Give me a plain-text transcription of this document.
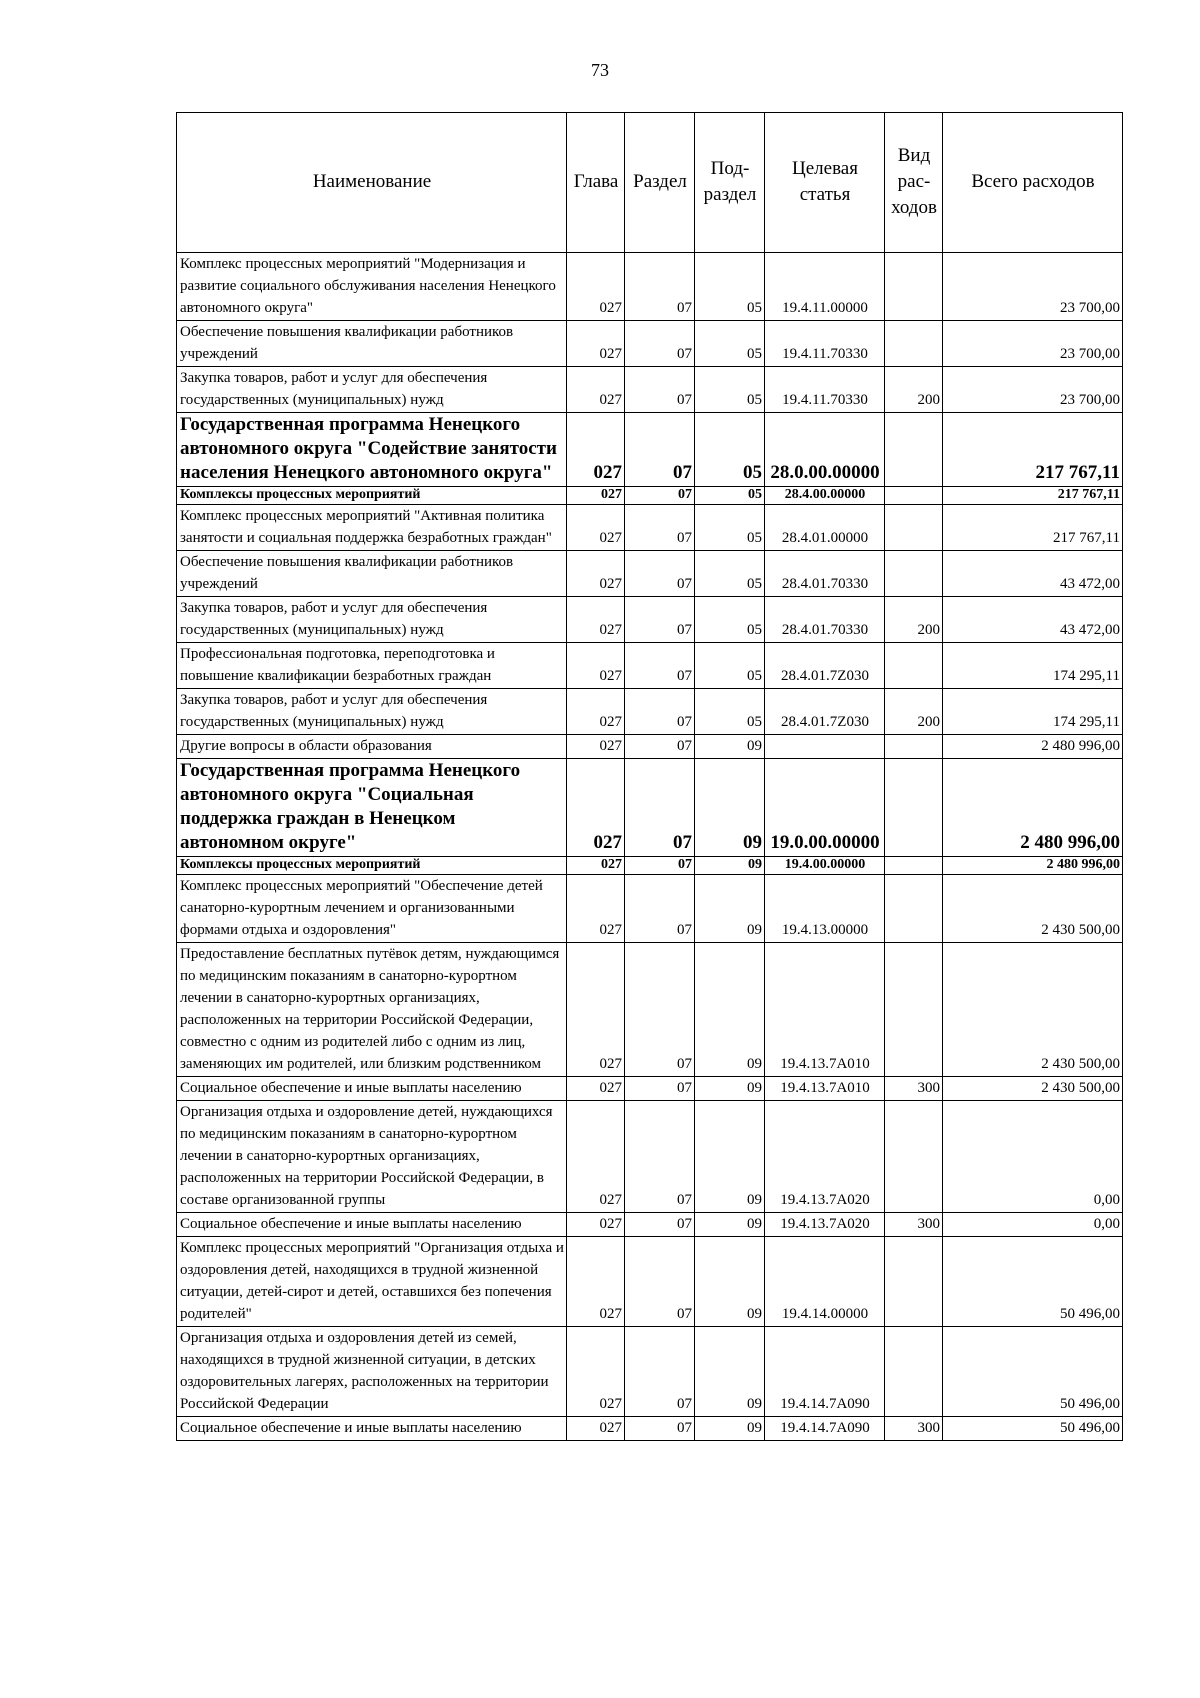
73
Наименование	Глава	Раздел	Под-раздел	Целевая статья	Вид рас-ходов	Всего расходов
Комплекс процессных мероприятий "Модернизация и развитие социального обслуживания населения Ненецкого автономного округа"	027	07	05	19.4.11.00000		23 700,00
Обеспечение повышения квалификации работников учреждений	027	07	05	19.4.11.70330		23 700,00
Закупка товаров, работ и услуг для обеспечения государственных (муниципальных) нужд	027	07	05	19.4.11.70330	200	23 700,00
Государственная программа Ненецкого автономного округа "Содействие занятости населения Ненецкого автономного округа"	027	07	05	28.0.00.00000		217 767,11
Комплексы процессных мероприятий	027	07	05	28.4.00.00000		217 767,11
Комплекс процессных мероприятий "Активная политика занятости и социальная поддержка безработных граждан"	027	07	05	28.4.01.00000		217 767,11
Обеспечение повышения квалификации работников учреждений	027	07	05	28.4.01.70330		43 472,00
Закупка товаров, работ и услуг для обеспечения государственных (муниципальных) нужд	027	07	05	28.4.01.70330	200	43 472,00
Профессиональная подготовка, переподготовка и повышение квалификации безработных граждан	027	07	05	28.4.01.7Z030		174 295,11
Закупка товаров, работ и услуг для обеспечения государственных (муниципальных) нужд	027	07	05	28.4.01.7Z030	200	174 295,11
Другие вопросы в области образования	027	07	09			2 480 996,00
Государственная программа Ненецкого автономного округа "Социальная поддержка граждан в Ненецком автономном округе"	027	07	09	19.0.00.00000		2 480 996,00
Комплексы процессных мероприятий	027	07	09	19.4.00.00000		2 480 996,00
Комплекс процессных мероприятий "Обеспечение детей санаторно-курортным лечением и организованными формами отдыха и оздоровления"	027	07	09	19.4.13.00000		2 430 500,00
Предоставление бесплатных путёвок детям, нуждающимся по медицинским показаниям в санаторно-курортном лечении в санаторно-курортных организациях, расположенных на территории Российской Федерации, совместно с одним из родителей либо с одним из лиц, заменяющих им родителей, или близким родственником	027	07	09	19.4.13.7А010		2 430 500,00
Социальное обеспечение и иные выплаты населению	027	07	09	19.4.13.7А010	300	2 430 500,00
Организация отдыха и оздоровление детей, нуждающихся по медицинским показаниям в санаторно-курортном лечении в санаторно-курортных организациях, расположенных на территории Российской Федерации, в составе организованной группы	027	07	09	19.4.13.7А020		0,00
Социальное обеспечение и иные выплаты населению	027	07	09	19.4.13.7А020	300	0,00
Комплекс процессных мероприятий "Организация отдыха и оздоровления детей, находящихся в трудной жизненной ситуации, детей-сирот и детей, оставшихся без попечения родителей"	027	07	09	19.4.14.00000		50 496,00
Организация отдыха и оздоровления детей из семей, находящихся в трудной жизненной ситуации, в детских оздоровительных лагерях, расположенных на территории Российской Федерации	027	07	09	19.4.14.7А090		50 496,00
Социальное обеспечение и иные выплаты населению	027	07	09	19.4.14.7А090	300	50 496,00
